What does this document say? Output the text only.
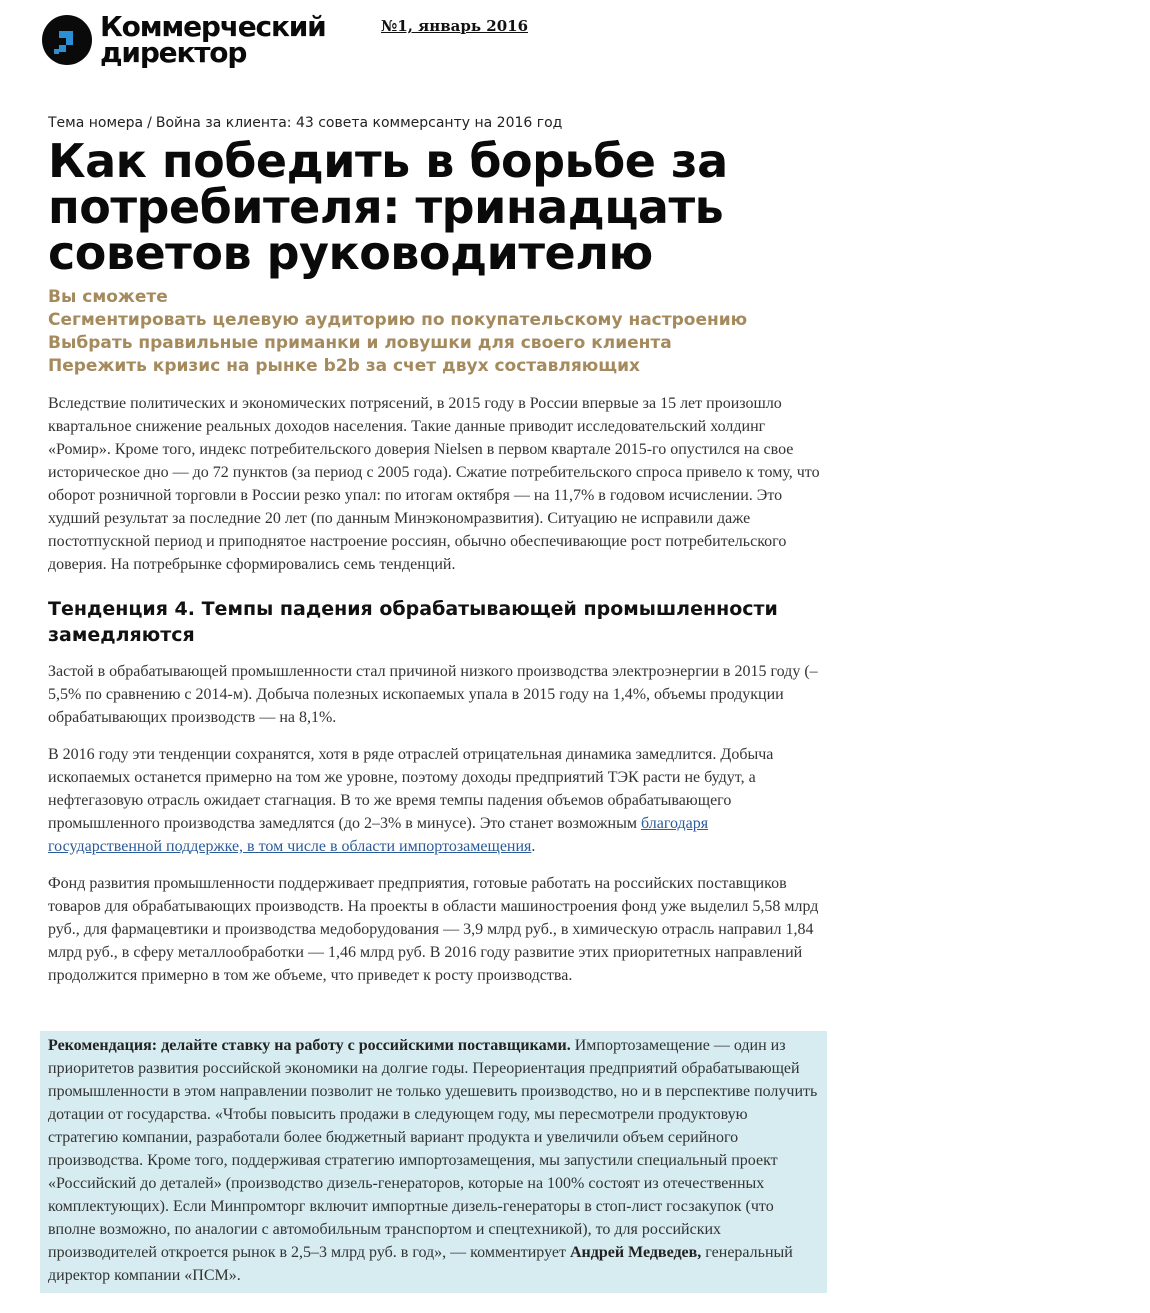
Коммерческий
директор
№1, январь 2016
Тема номера / Война за клиента: 43 совета коммерсанту на 2016 год
Как победить в борьбе за потребителя: тринадцать советов руководителю
Вы сможете
Сегментировать целевую аудиторию по покупательскому настроению
Выбрать правильные приманки и ловушки для своего клиента
Пережить кризис на рынке b2b за счет двух составляющих

Вследствие политических и экономических потрясений, в 2015 году в России впервые за 15 лет произошло квартальное снижение реальных доходов населения. Такие данные приводит исследовательский холдинг «Ромир». Кроме того, индекс потребительского доверия Nielsen в первом квартале 2015-го опустился на свое историческое дно — до 72 пунктов (за период с 2005 года). Сжатие потребительского спроса привело к тому, что оборот розничной торговли в России резко упал: по итогам октября — на 11,7% в годовом исчислении. Это худший результат за последние 20 лет (по данным Минэкономразвития). Ситуацию не исправили даже постотпускной период и приподнятое настроение россиян, обычно обеспечивающие рост потребительского доверия. На потребрынке сформировались семь тенденций.

Тенденция 4. Темпы падения обрабатывающей промышленности замедляются

Застой в обрабатывающей промышленности стал причиной низкого производства электроэнергии в 2015 году (–5,5% по сравнению с 2014-м). Добыча полезных ископаемых упала в 2015 году на 1,4%, объемы продукции обрабатывающих производств — на 8,1%.

В 2016 году эти тенденции сохранятся, хотя в ряде отраслей отрицательная динамика замедлится. Добыча ископаемых останется примерно на том же уровне, поэтому доходы предприятий ТЭК расти не будут, а нефтегазовую отрасль ожидает стагнация. В то же время темпы падения объемов обрабатывающего промышленного производства замедлятся (до 2–3% в минусе). Это станет возможным благодаря государственной поддержке, в том числе в области импортозамещения.

Фонд развития промышленности поддерживает предприятия, готовые работать на российских поставщиков товаров для обрабатывающих производств. На проекты в области машиностроения фонд уже выделил 5,58 млрд руб., для фармацевтики и производства медоборудования — 3,9 млрд руб., в химическую отрасль направил 1,84 млрд руб., в сферу металлообработки — 1,46 млрд руб. В 2016 году развитие этих приоритетных направлений продолжится примерно в том же объеме, что приведет к росту производства.

Рекомендация: делайте ставку на работу с российскими поставщиками. Импортозамещение — один из приоритетов развития российской экономики на долгие годы. Переориентация предприятий обрабатывающей промышленности в этом направлении позволит не только удешевить производство, но и в перспективе получить дотации от государства. «Чтобы повысить продажи в следующем году, мы пересмотрели продуктовую стратегию компании, разработали более бюджетный вариант продукта и увеличили объем серийного производства. Кроме того, поддерживая стратегию импортозамещения, мы запустили специальный проект «Российский до деталей» (производство дизель-генераторов, которые на 100% состоят из отечественных комплектующих). Если Минпромторг включит импортные дизель-генераторы в стоп-лист госзакупок (что вполне возможно, по аналогии с автомобильным транспортом и спецтехникой), то для российских производителей откроется рынок в 2,5–3 млрд руб. в год», — комментирует Андрей Медведев, генеральный директор компании «ПСМ».
